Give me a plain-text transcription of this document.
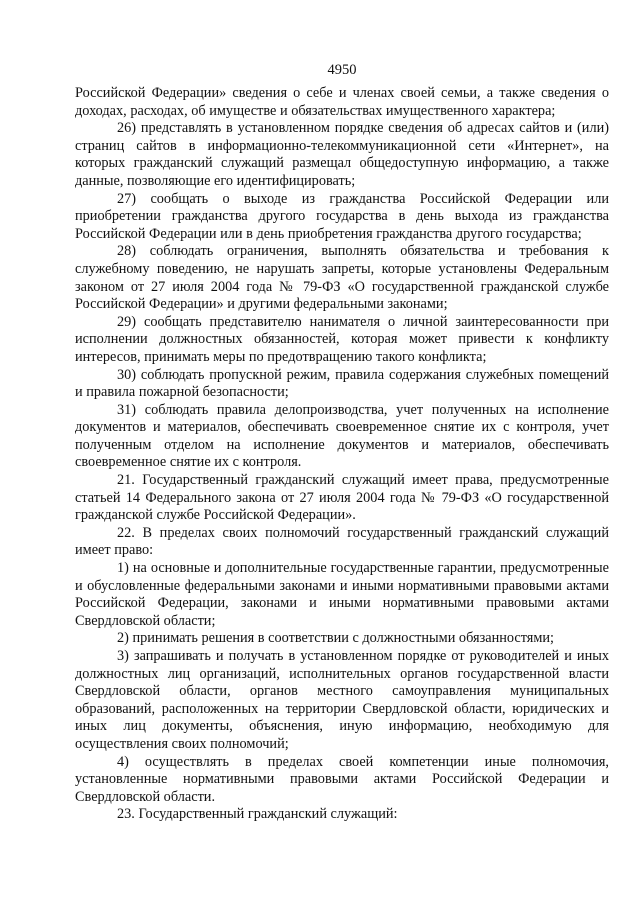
4950

Российской Федерации» сведения о себе и членах своей семьи, а также сведения о доходах, расходах, об имуществе и обязательствах имущественного характера;

26) представлять в установленном порядке сведения об адресах сайтов и (или) страниц сайтов в информационно-телекоммуникационной сети «Интернет», на которых гражданский служащий размещал общедоступную информацию, а также данные, позволяющие его идентифицировать;

27) сообщать о выходе из гражданства Российской Федерации или приобретении гражданства другого государства в день выхода из гражданства Российской Федерации или в день приобретения гражданства другого государства;

28) соблюдать ограничения, выполнять обязательства и требования к служебному поведению, не нарушать запреты, которые установлены Федеральным законом от 27 июля 2004 года № 79-ФЗ «О государственной гражданской службе Российской Федерации» и другими федеральными законами;

29) сообщать представителю нанимателя о личной заинтересованности при исполнении должностных обязанностей, которая может привести к конфликту интересов, принимать меры по предотвращению такого конфликта;

30) соблюдать пропускной режим, правила содержания служебных помещений и правила пожарной безопасности;

31) соблюдать правила делопроизводства, учет полученных на исполнение документов и материалов, обеспечивать своевременное снятие их с контроля, учет полученным отделом на исполнение документов и материалов, обеспечивать своевременное снятие их с контроля.

21. Государственный гражданский служащий имеет права, предусмотренные статьей 14 Федерального закона от 27 июля 2004 года № 79-ФЗ «О государственной гражданской службе Российской Федерации».

22. В пределах своих полномочий государственный гражданский служащий имеет право:

1) на основные и дополнительные государственные гарантии, предусмотренные и обусловленные федеральными законами и иными нормативными правовыми актами Российской Федерации, законами и иными нормативными правовыми актами Свердловской области;

2) принимать решения в соответствии с должностными обязанностями;

3) запрашивать и получать в установленном порядке от руководителей и иных должностных лиц организаций, исполнительных органов государственной власти Свердловской области, органов местного самоуправления муниципальных образований, расположенных на территории Свердловской области, юридических и иных лиц документы, объяснения, иную информацию, необходимую для осуществления своих полномочий;

4) осуществлять в пределах своей компетенции иные полномочия, установленные нормативными правовыми актами Российской Федерации и Свердловской области.

23. Государственный гражданский служащий:
